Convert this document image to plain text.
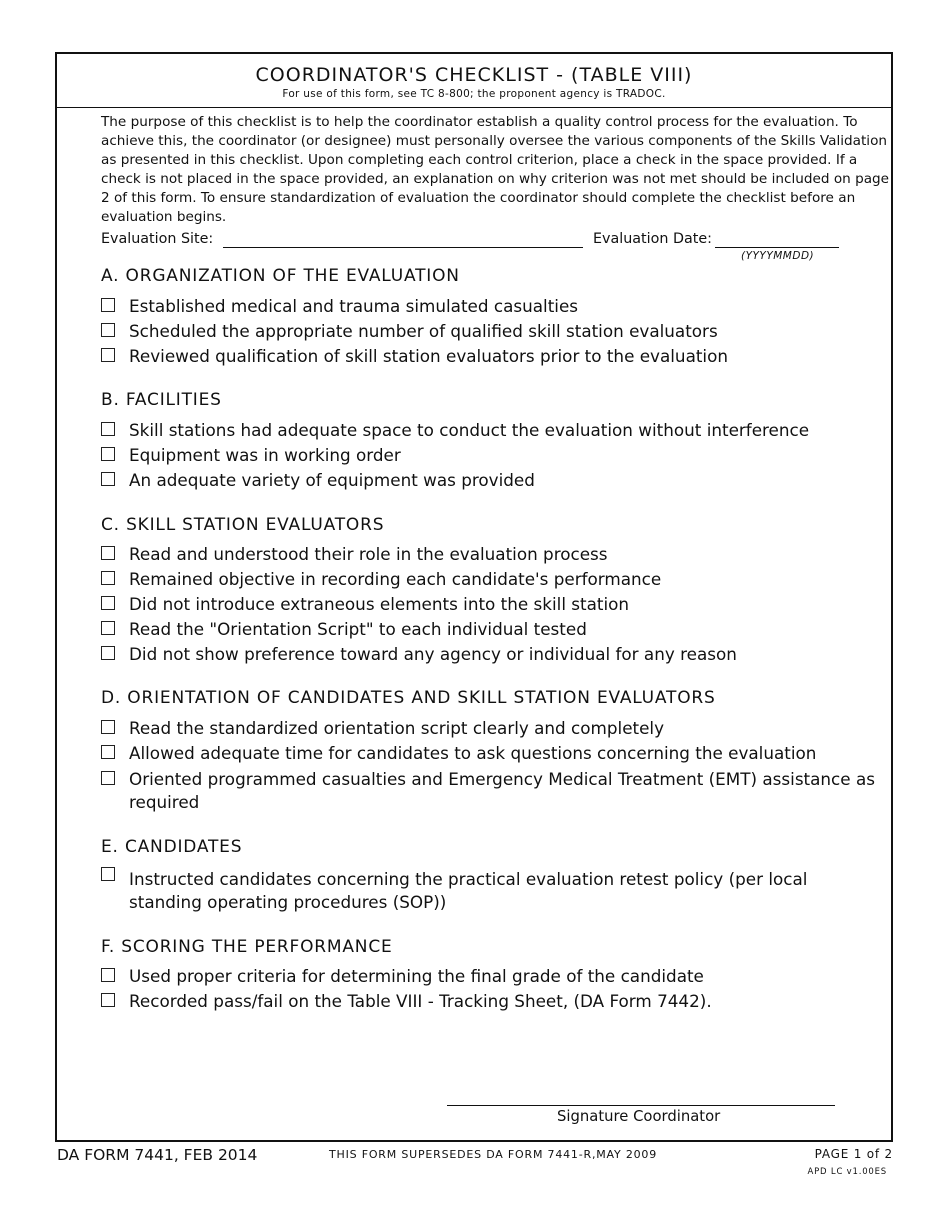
COORDINATOR'S CHECKLIST - (TABLE VIII)
For use of this form, see TC 8-800; the proponent agency is TRADOC.
The purpose of this checklist is to help the coordinator establish a quality control process for the evaluation. To achieve this, the coordinator (or designee) must personally oversee the various components of the Skills Validation as presented in this checklist. Upon completing each control criterion, place a check in the space provided. If a check is not placed in the space provided, an explanation on why criterion was not met should be included on page 2 of this form. To ensure standardization of evaluation the coordinator should complete the checklist before an evaluation begins.
Evaluation Site:	Evaluation Date:
(YYYYMMDD)
A. ORGANIZATION OF THE EVALUATION
Established medical and trauma simulated casualties
Scheduled the appropriate number of qualified skill station evaluators
Reviewed qualification of skill station evaluators prior to the evaluation
B. FACILITIES
Skill stations had adequate space to conduct the evaluation without interference
Equipment was in working order
An adequate variety of equipment was provided
C. SKILL STATION EVALUATORS
Read and understood their role in the evaluation process
Remained objective in recording each candidate's performance
Did not introduce extraneous elements into the skill station
Read the "Orientation Script" to each individual tested
Did not show preference toward any agency or individual for any reason
D. ORIENTATION OF CANDIDATES AND SKILL STATION EVALUATORS
Read the standardized orientation script clearly and completely
Allowed adequate time for candidates to ask questions concerning the evaluation
Oriented programmed casualties and Emergency Medical Treatment (EMT) assistance as required
E. CANDIDATES
Instructed candidates concerning the practical evaluation retest policy (per local standing operating procedures (SOP))
F. SCORING THE PERFORMANCE
Used proper criteria for determining the final grade of the candidate
Recorded pass/fail on the Table VIII - Tracking Sheet, (DA Form 7442).
Signature Coordinator
DA FORM 7441, FEB 2014	THIS FORM SUPERSEDES DA FORM 7441-R,MAY 2009	PAGE 1 of 2
APD LC v1.00ES
